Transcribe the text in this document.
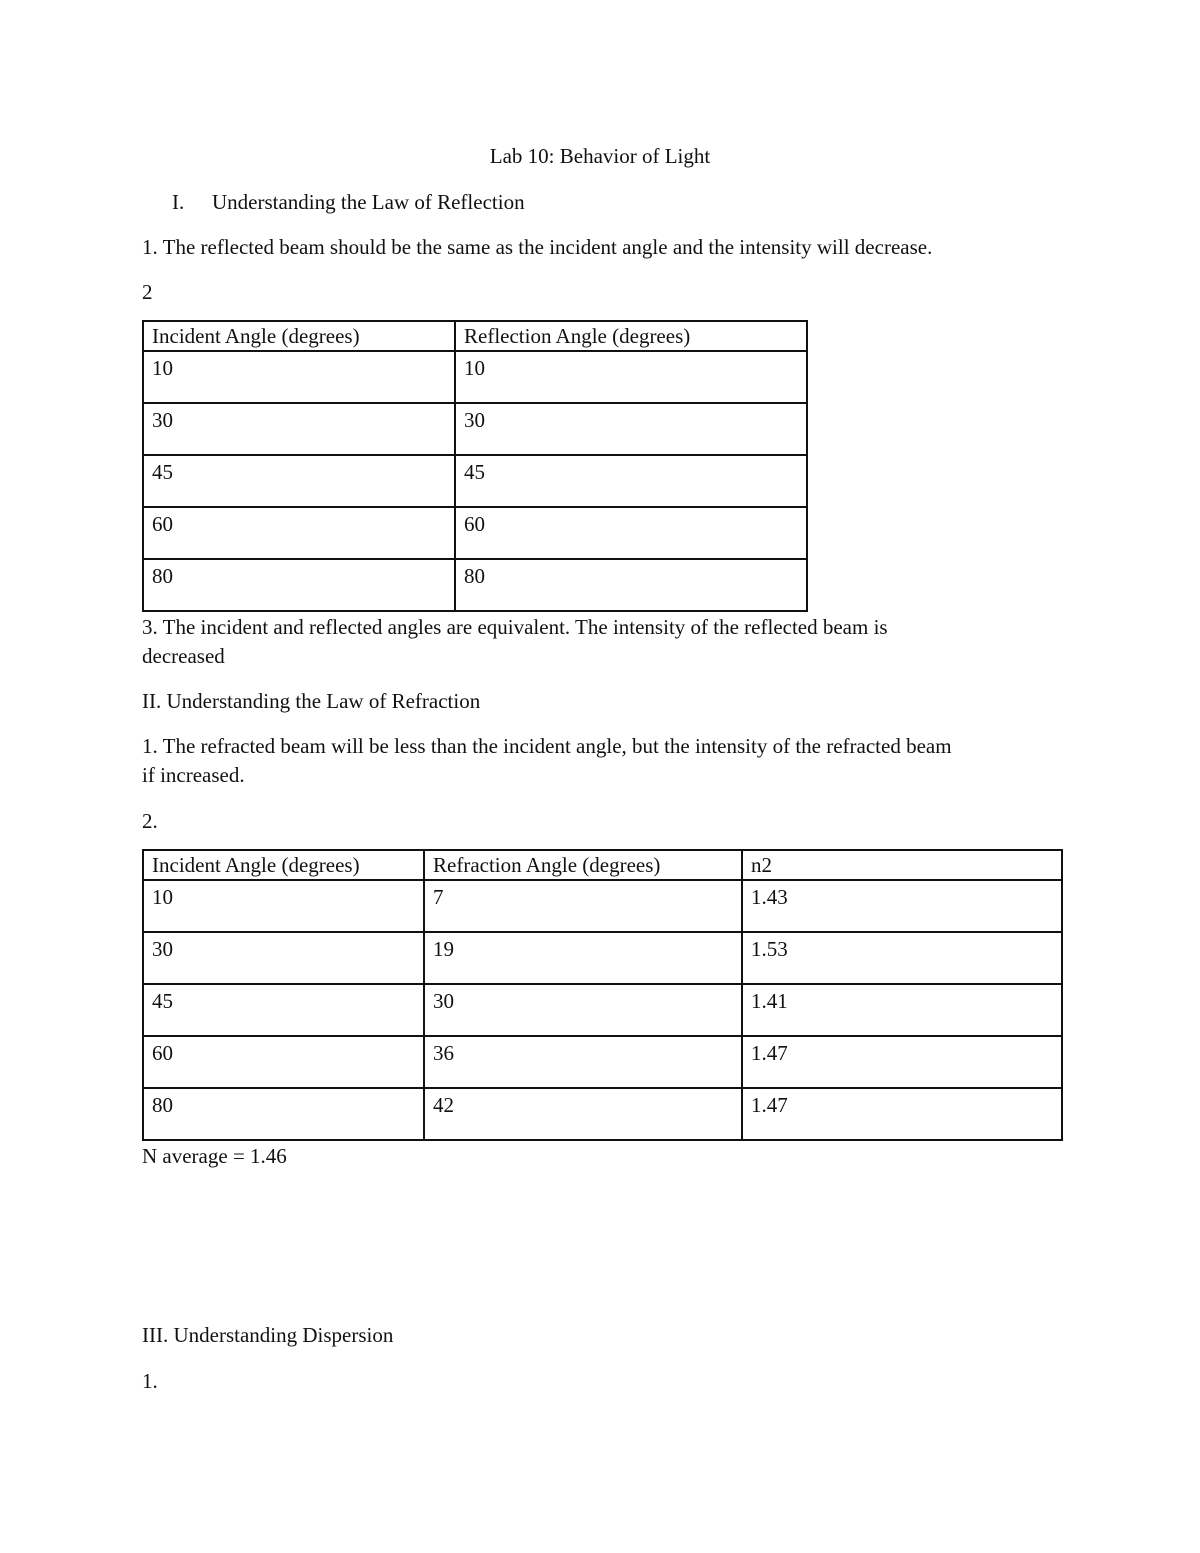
Lab 10: Behavior of Light
I. Understanding the Law of Reflection
1. The reflected beam should be the same as the incident angle and the intensity will decrease.
2
Incident Angle (degrees)	Reflection Angle (degrees)
10	10
30	30
45	45
60	60
80	80
3. The incident and reflected angles are equivalent. The intensity of the reflected beam is
decreased
II. Understanding the Law of Refraction
1. The refracted beam will be less than the incident angle, but the intensity of the refracted beam
if increased.
2.
Incident Angle (degrees)	Refraction Angle (degrees)	n2
10	7	1.43
30	19	1.53
45	30	1.41
60	36	1.47
80	42	1.47
N average = 1.46
III. Understanding Dispersion
1.
